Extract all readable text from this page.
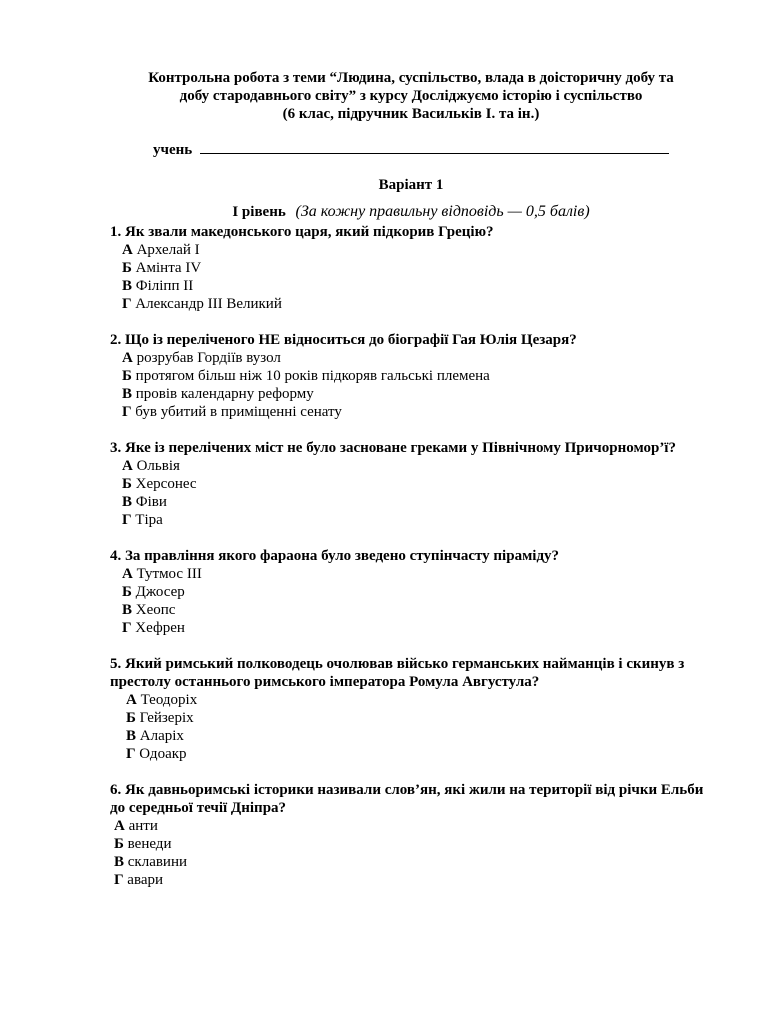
Контрольна робота з теми “Людина, суспільство, влада в доісторичну добу та
добу стародавнього світу” з курсу Досліджуємо історію і суспільство
(6 клас, підручник Васильків І. та ін.)
учень
Варіант 1
І рівень (За кожну правильну відповідь — 0,5 балів)
1. Як звали македонського царя, який підкорив Грецію?
А Архелай І
Б Амінта IV
В Філіпп ІІ
Г Александр ІІІ Великий
2. Що із переліченого НЕ відноситься до біографії Гая Юлія Цезаря?
А розрубав Гордіїв вузол
Б протягом більш ніж 10 років підкоряв гальські племена
В провів календарну реформу
Г був убитий в приміщенні сенату
3. Яке із перелічених міст не було засноване греками у Північному Причорномор’ї?
А Ольвія
Б Херсонес
В Фіви
Г Тіра
4. За правління якого фараона було зведено ступінчасту піраміду?
А Тутмос ІІІ
Б Джосер
В Хеопс
Г Хефрен
5. Який римський полководець очолював військо германських найманців і скинув з престолу останнього римського імператора Ромула Августула?
А Теодоріх
Б Гейзеріх
В Аларіх
Г Одоакр
6. Як давньоримські історики називали слов’ян, які жили на території від річки Ельби до середньої течії Дніпра?
А анти
Б венеди
В склавини
Г авари
